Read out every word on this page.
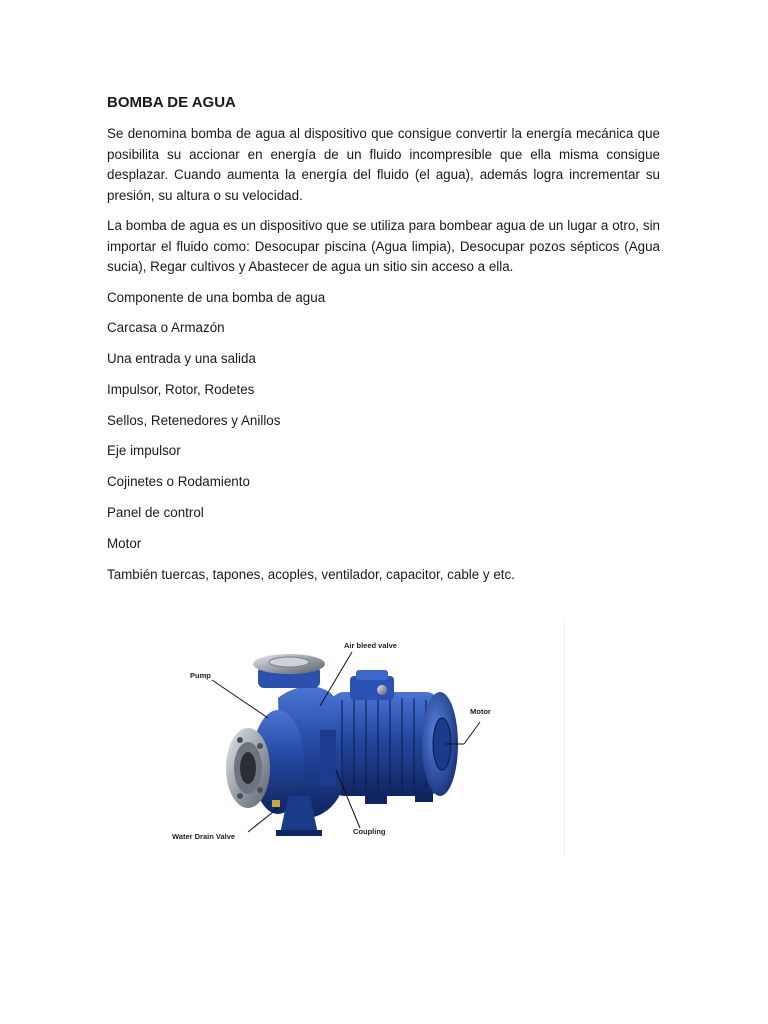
BOMBA DE AGUA

Se denomina bomba de agua al dispositivo que consigue convertir la energía mecánica que posibilita su accionar en energía de un fluido incompresible que ella misma consigue desplazar. Cuando aumenta la energía del fluido (el agua), además logra incrementar su presión, su altura o su velocidad.

La bomba de agua es un dispositivo que se utiliza para bombear agua de un lugar a otro, sin importar el fluido como: Desocupar piscina (Agua limpia), Desocupar pozos sépticos (Agua sucia), Regar cultivos y Abastecer de agua un sitio sin acceso a ella.

Componente de una bomba de agua
Carcasa o Armazón
Una entrada y una salida
Impulsor, Rotor, Rodetes
Sellos, Retenedores y Anillos
Eje impulsor
Cojinetes o Rodamiento
Panel de control
Motor
También tuercas, tapones, acoples, ventilador, capacitor, cable y etc.
Air bleed valve
Pump
Motor
Water Drain Valve
Coupling
